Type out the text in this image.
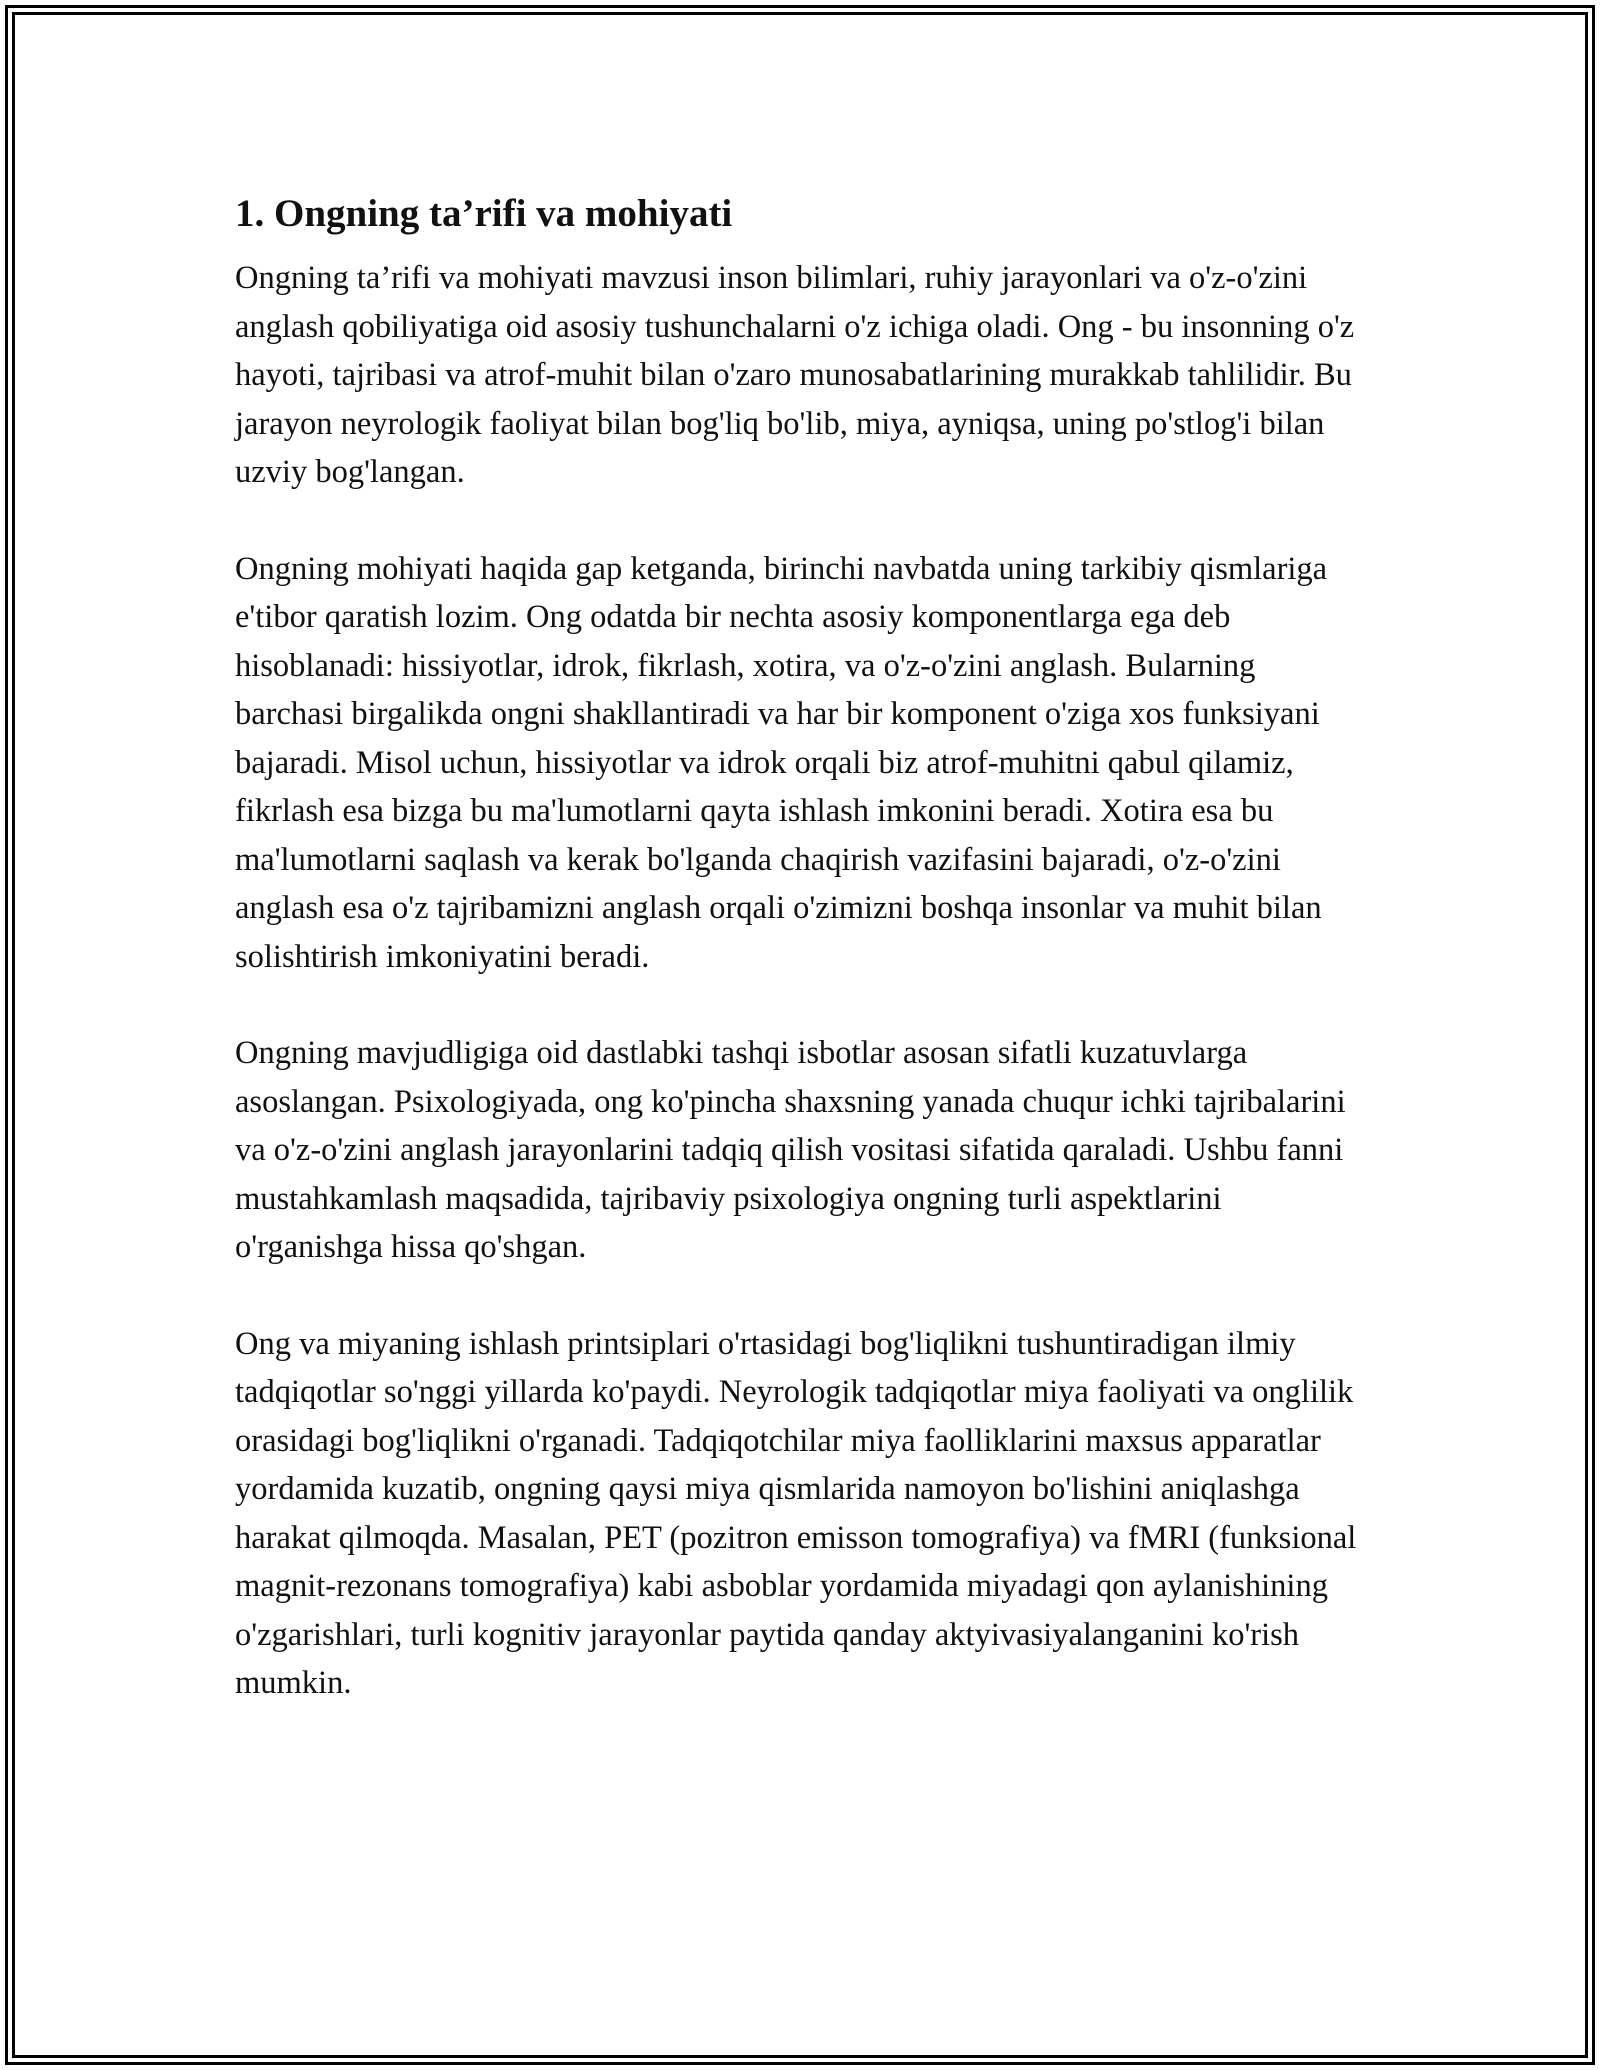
1. Ongning ta’rifi va mohiyati

Ongning ta’rifi va mohiyati mavzusi inson bilimlari, ruhiy jarayonlari va o'z-o'zini anglash qobiliyatiga oid asosiy tushunchalarni o'z ichiga oladi. Ong - bu insonning o'z hayoti, tajribasi va atrof-muhit bilan o'zaro munosabatlarining murakkab tahlilidir. Bu jarayon neyrologik faoliyat bilan bog'liq bo'lib, miya, ayniqsa, uning po'stlog'i bilan uzviy bog'langan.

Ongning mohiyati haqida gap ketganda, birinchi navbatda uning tarkibiy qismlariga e'tibor qaratish lozim. Ong odatda bir nechta asosiy komponentlarga ega deb hisoblanadi: hissiyotlar, idrok, fikrlash, xotira, va o'z-o'zini anglash. Bularning barchasi birgalikda ongni shakllantiradi va har bir komponent o'ziga xos funksiyani bajaradi. Misol uchun, hissiyotlar va idrok orqali biz atrof-muhitni qabul qilamiz, fikrlash esa bizga bu ma'lumotlarni qayta ishlash imkonini beradi. Xotira esa bu ma'lumotlarni saqlash va kerak bo'lganda chaqirish vazifasini bajaradi, o'z-o'zini anglash esa o'z tajribamizni anglash orqali o'zimizni boshqa insonlar va muhit bilan solishtirish imkoniyatini beradi.

Ongning mavjudligiga oid dastlabki tashqi isbotlar asosan sifatli kuzatuvlarga asoslangan. Psixologiyada, ong ko'pincha shaxsning yanada chuqur ichki tajribalarini va o'z-o'zini anglash jarayonlarini tadqiq qilish vositasi sifatida qaraladi. Ushbu fanni mustahkamlash maqsadida, tajribaviy psixologiya ongning turli aspektlarini o'rganishga hissa qo'shgan.

Ong va miyaning ishlash printsiplari o'rtasidagi bog'liqlikni tushuntiradigan ilmiy tadqiqotlar so'nggi yillarda ko'paydi. Neyrologik tadqiqotlar miya faoliyati va onglilik orasidagi bog'liqlikni o'rganadi. Tadqiqotchilar miya faolliklarini maxsus apparatlar yordamida kuzatib, ongning qaysi miya qismlarida namoyon bo'lishini aniqlashga harakat qilmoqda. Masalan, PET (pozitron emisson tomografiya) va fMRI (funksional magnit-rezonans tomografiya) kabi asboblar yordamida miyadagi qon aylanishining o'zgarishlari, turli kognitiv jarayonlar paytida qanday aktyivasiyalanganini ko'rish mumkin.
